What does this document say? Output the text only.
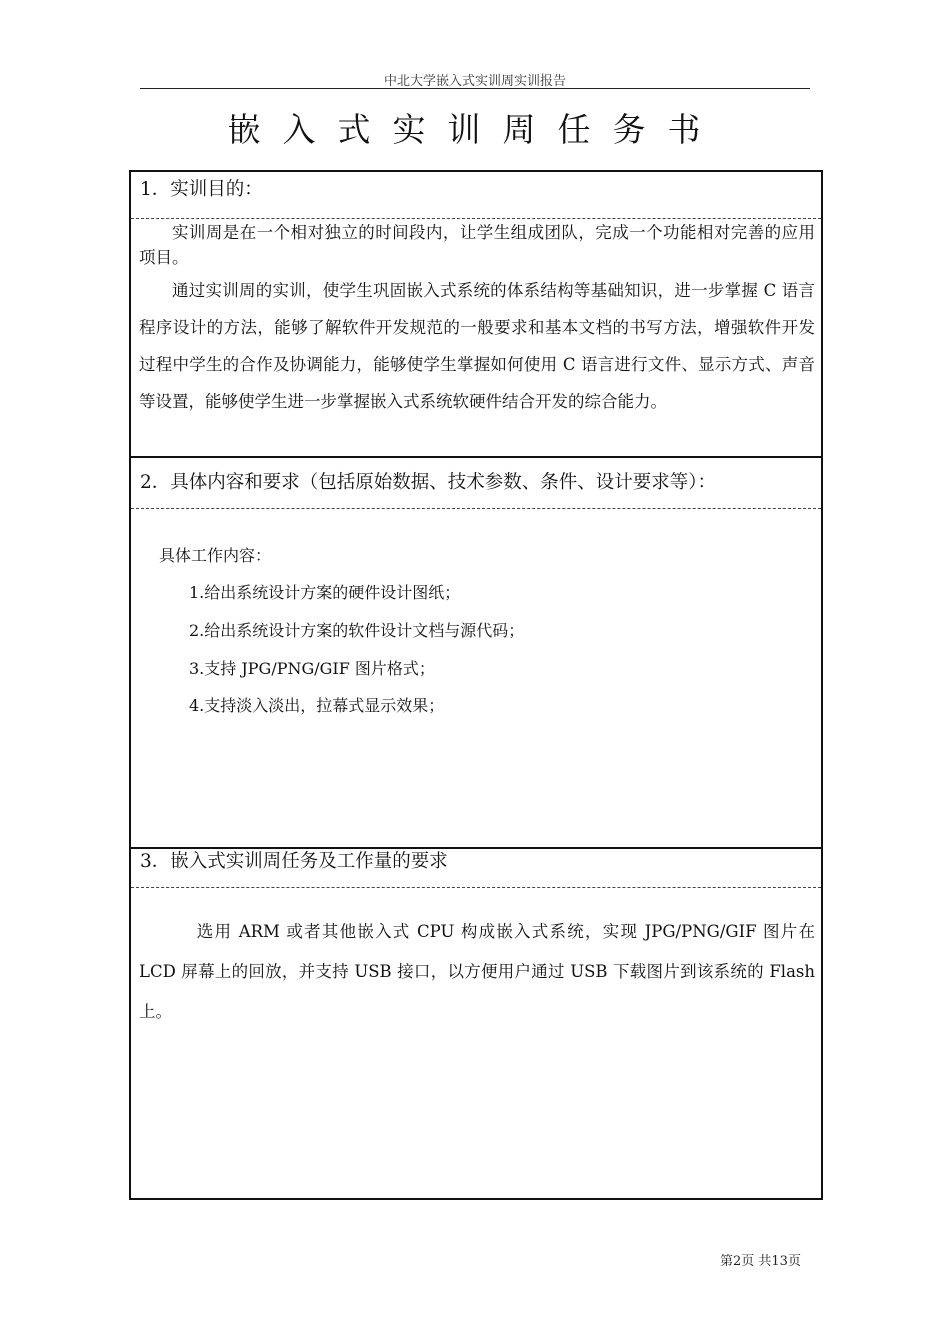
中北大学嵌入式实训周实训报告
嵌入式实训周任务书
1．实训目的：
实训周是在一个相对独立的时间段内，让学生组成团队，完成一个功能相对完善的应用项目。
通过实训周的实训，使学生巩固嵌入式系统的体系结构等基础知识，进一步掌握 C 语言程序设计的方法，能够了解软件开发规范的一般要求和基本文档的书写方法，增强软件开发过程中学生的合作及协调能力，能够使学生掌握如何使用 C 语言进行文件、显示方式、声音等设置，能够使学生进一步掌握嵌入式系统软硬件结合开发的综合能力。
2．具体内容和要求（包括原始数据、技术参数、条件、设计要求等）：
具体工作内容：
1.给出系统设计方案的硬件设计图纸；
2.给出系统设计方案的软件设计文档与源代码；
3.支持 JPG/PNG/GIF 图片格式；
4.支持淡入淡出，拉幕式显示效果；
3．嵌入式实训周任务及工作量的要求
选用 ARM 或者其他嵌入式 CPU 构成嵌入式系统，实现 JPG/PNG/GIF 图片在 LCD 屏幕上的回放，并支持 USB 接口，以方便用户通过 USB 下载图片到该系统的 Flash 上。
第2页 共13页
